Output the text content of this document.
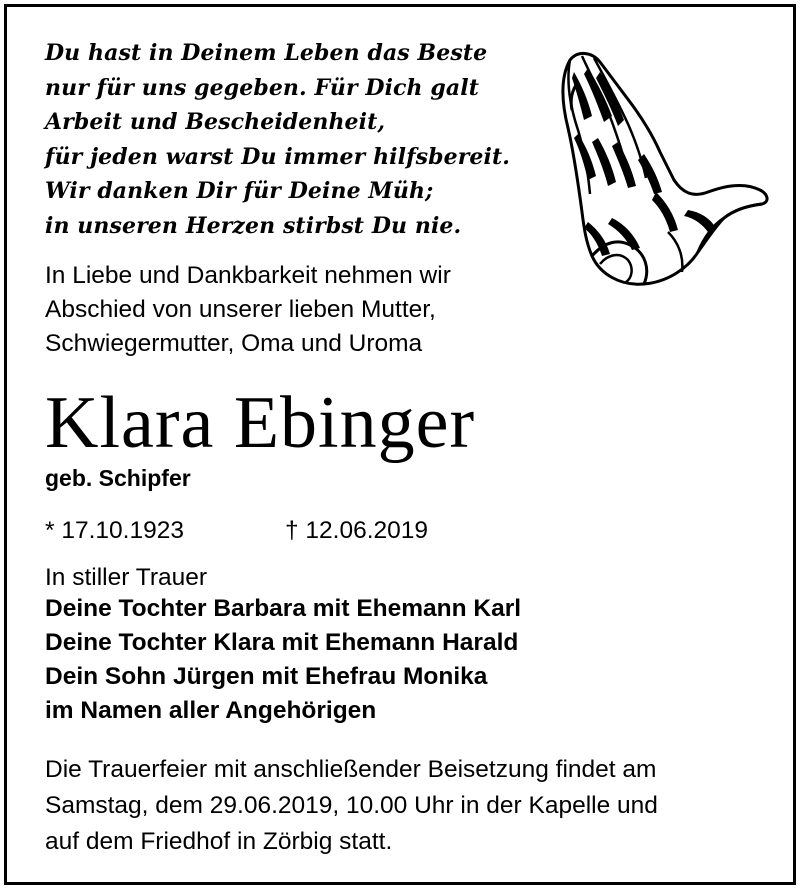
Du hast in Deinem Leben das Beste
nur für uns gegeben. Für Dich galt
Arbeit und Bescheidenheit,
für jeden warst Du immer hilfsbereit.
Wir danken Dir für Deine Müh;
in unseren Herzen stirbst Du nie.
In Liebe und Dankbarkeit nehmen wir
Abschied von unserer lieben Mutter,
Schwiegermutter, Oma und Uroma
Klara Ebinger
geb. Schipfer
* 17.10.1923	† 12.06.2019
In stiller Trauer
Deine Tochter Barbara mit Ehemann Karl
Deine Tochter Klara mit Ehemann Harald
Dein Sohn Jürgen mit Ehefrau Monika
im Namen aller Angehörigen
Die Trauerfeier mit anschließender Beisetzung findet am
Samstag, dem 29.06.2019, 10.00 Uhr in der Kapelle und
auf dem Friedhof in Zörbig statt.
